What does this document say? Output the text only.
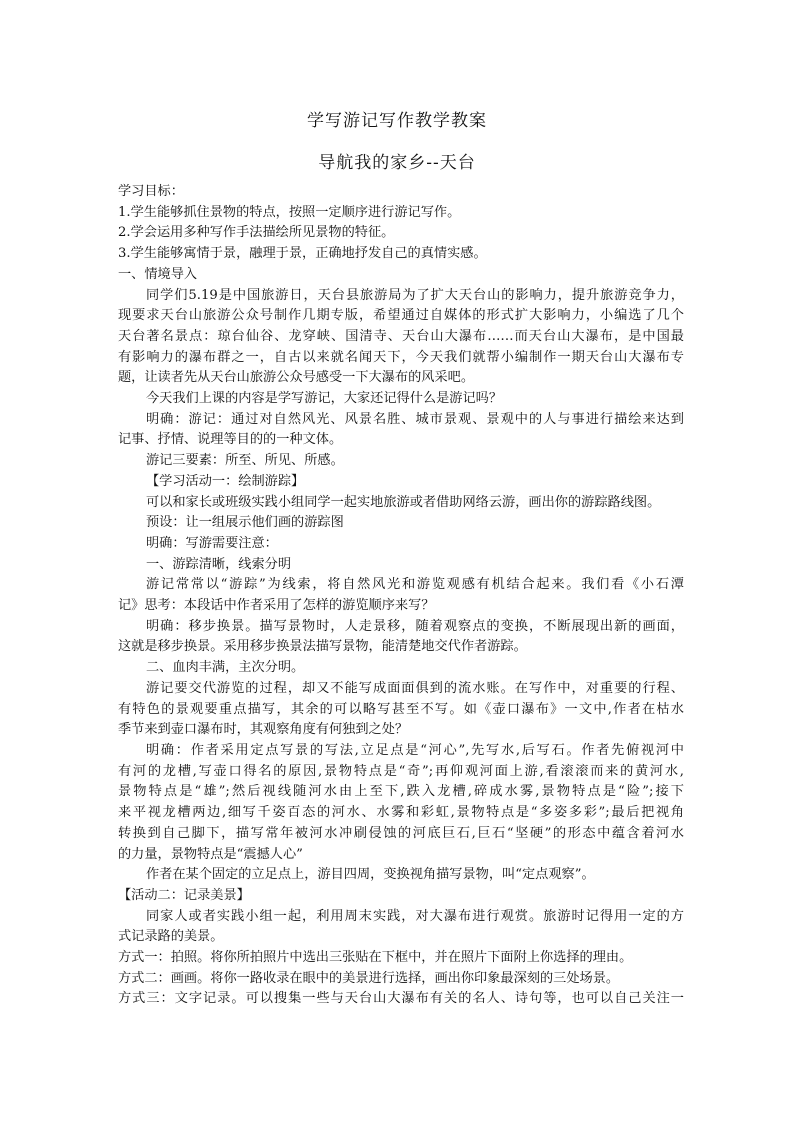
学写游记写作教学教案
导航我的家乡--天台

学习目标：

1.学生能够抓住景物的特点，按照一定顺序进行游记写作。

2.学会运用多种写作手法描绘所见景物的特征。

3.学生能够寓情于景，融理于景，正确地抒发自己的真情实感。

一、情境导入

同学们5.19是中国旅游日，天台县旅游局为了扩大天台山的影响力，提升旅游竞争力，

现要求天台山旅游公众号制作几期专版，希望通过自媒体的形式扩大影响力，小编选了几个

天台著名景点：琼台仙谷、龙穿峡、国清寺、天台山大瀑布……而天台山大瀑布，是中国最

有影响力的瀑布群之一，自古以来就名闻天下，今天我们就帮小编制作一期天台山大瀑布专

题，让读者先从天台山旅游公众号感受一下大瀑布的风采吧。

今天我们上课的内容是学写游记，大家还记得什么是游记吗？

明确：游记：通过对自然风光、风景名胜、城市景观、景观中的人与事进行描绘来达到

记事、抒情、说理等目的的一种文体。

游记三要素：所至、所见、所感。

【学习活动一：绘制游踪】

可以和家长或班级实践小组同学一起实地旅游或者借助网络云游，画出你的游踪路线图。

预设：让一组展示他们画的游踪图

明确：写游需要注意：

一、游踪清晰，线索分明

游记常常以“游踪”为线索，将自然风光和游览观感有机结合起来。我们看《小石潭

记》思考：本段话中作者采用了怎样的游览顺序来写？

明确：移步换景。描写景物时，人走景移，随着观察点的变换，不断展现出新的画面，

这就是移步换景。采用移步换景法描写景物，能清楚地交代作者游踪。

二、血肉丰满，主次分明。

游记要交代游览的过程，却又不能写成面面俱到的流水账。在写作中，对重要的行程、

有特色的景观要重点描写，其余的可以略写甚至不写。如《壶口瀑布》一文中,作者在枯水

季节来到壶口瀑布时，其观察角度有何独到之处？

明确：作者采用定点写景的写法,立足点是“河心”,先写水,后写石。作者先俯视河中

有河的龙槽,写壶口得名的原因,景物特点是“奇”;再仰观河面上游,看滚滚而来的黄河水,

景物特点是“雄”;然后视线随河水由上至下,跌入龙槽,碎成水雾,景物特点是“险”;接下

来平视龙槽两边,细写千姿百态的河水、水雾和彩虹,景物特点是“多姿多彩”;最后把视角

转换到自己脚下，描写常年被河水冲刷侵蚀的河底巨石,巨石“坚硬”的形态中蕴含着河水

的力量，景物特点是“震撼人心”

作者在某个固定的立足点上，游目四周，变换视角描写景物，叫“定点观察”。

【活动二：记录美景】

同家人或者实践小组一起，利用周末实践，对大瀑布进行观赏。旅游时记得用一定的方

式记录路的美景。

方式一：拍照。将你所拍照片中选出三张贴在下框中，并在照片下面附上你选择的理由。

方式二：画画。将你一路收录在眼中的美景进行选择，画出你印象最深刻的三处场景。

方式三：文字记录。可以搜集一些与天台山大瀑布有关的名人、诗句等，也可以自己关注一
